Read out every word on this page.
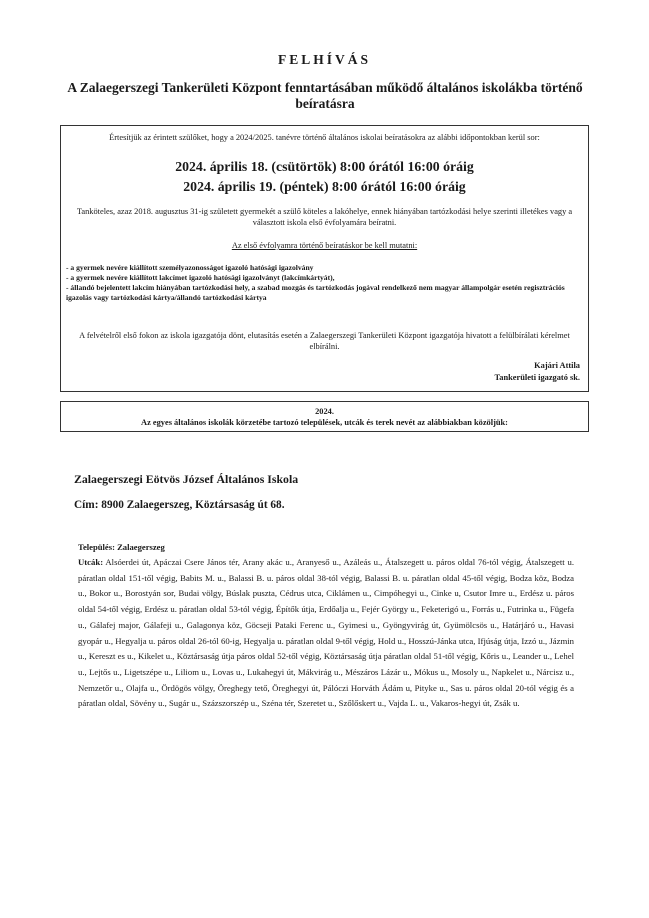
FELHÍVÁS
A Zalaegerszegi Tankerületi Központ fenntartásában működő általános iskolákba történő beíratásra
Értesítjük az érintett szülőket, hogy a 2024/2025. tanévre történő általános iskolai beíratásokra az alábbi időpontokban kerül sor:
2024. április 18. (csütörtök) 8:00 órától 16:00 óráig
2024. április 19. (péntek) 8:00 órától 16:00 óráig
Tanköteles, azaz 2018. augusztus 31-ig született gyermekét a szülő köteles a lakóhelye, ennek hiányában tartózkodási helye szerinti illetékes vagy a választott iskola első évfolyamára beíratni.
Az első évfolyamra történő beíratáskor be kell mutatni:
- a gyermek nevére kiállított személyazonosságot igazoló hatósági igazolvány
- a gyermek nevére kiállított lakcímet igazoló hatósági igazolványt (lakcímkártyát),
- állandó bejelentett lakcím hiányában tartózkodási hely, a szabad mozgás és tartózkodás jogával rendelkező nem magyar állampolgár esetén regisztrációs igazolás vagy tartózkodási kártya/állandó tartózkodási kártya
A felvételről első fokon az iskola igazgatója dönt, elutasítás esetén a Zalaegerszegi Tankerületi Központ igazgatója hivatott a felülbírálati kérelmet elbírálni.
Kajári Attila
Tankerületi igazgató sk.
2024.
Az egyes általános iskolák körzetébe tartozó települések, utcák és terek nevét az alábbiakban közöljük:
Zalaegerszegi Eötvös József Általános Iskola
Cím: 8900 Zalaegerszeg, Köztársaság út 68.
Település: Zalaegerszeg
Utcák: Alsóerdei út, Apáczai Csere János tér, Arany akác u., Aranyeső u., Azáleás u., Átalszegett u. páros oldal 76-tól végig, Átalszegett u. páratlan oldal 151-től végig, Babits M. u., Balassi B. u. páros oldal 38-tól végig, Balassi B. u. páratlan oldal 45-től végig, Bodza köz, Bodza u., Bokor u., Borostyán sor, Budai völgy, Búslak puszta, Cédrus utca, Ciklámen u., Cimpóhegyi u., Cinke u, Csutor Imre u., Erdész u. páros oldal 54-től végig, Erdész u. páratlan oldal 53-tól végig, Építők útja, Erdőalja u., Fejér György u., Feketerigó u., Forrás u., Futrinka u., Fügefa u., Gálafej major, Gálafeji u., Galagonya köz, Göcseji Pataki Ferenc u., Gyimesi u., Gyöngyvirág út, Gyümölcsös u., Határjáró u., Havasi gyopár u., Hegyalja u. páros oldal 26-tól 60-ig, Hegyalja u. páratlan oldal 9-től végig, Hold u., Hosszú-Jánka utca, Ifjúság útja, Izzó u., Jázmin u., Kereszt es u., Kikelet u., Köztársaság útja páros oldal 52-től végig, Köztársaság útja páratlan oldal 51-től végig, Kőris u., Leander u., Lehel u., Lejtős u., Ligetszépe u., Liliom u., Lovas u., Lukahegyi út, Mákvirág u., Mészáros Lázár u., Mókus u., Mosoly u., Napkelet u., Nárcisz u., Nemzetőr u., Olajfa u., Ördögös völgy, Öreghegy tető, Öreghegyi út, Pálóczi Horváth Ádám u, Pityke u., Sas u. páros oldal 20-tól végig és a páratlan oldal, Sövény u., Sugár u., Százszorszép u., Széna tér, Szeretet u., Szőlőskert u., Vajda L. u., Vakaros-hegyi út, Zsák u.
